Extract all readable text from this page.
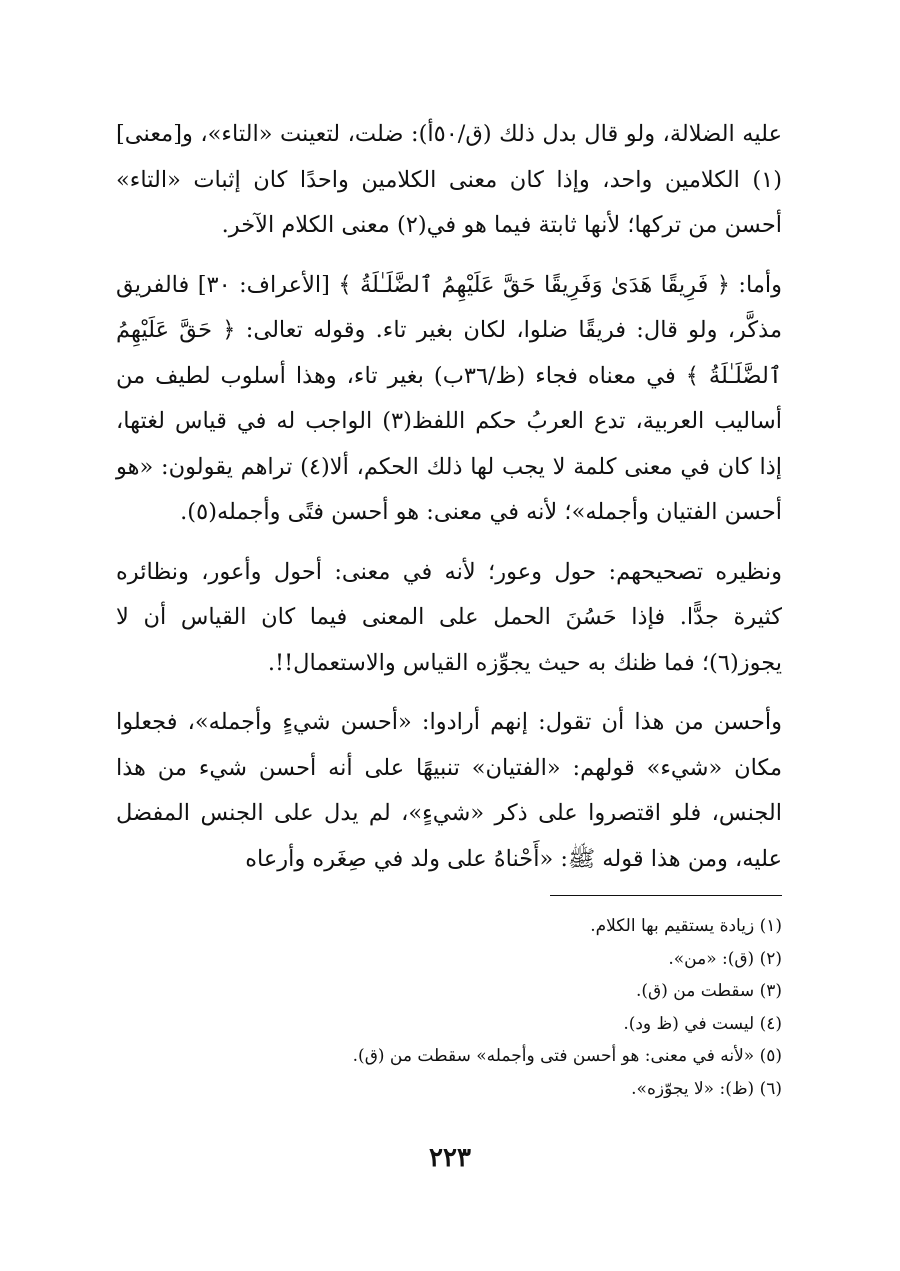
عليه الضلالة، ولو قال بدل ذلك (ق/٥٠أ): ضلت، لتعينت «التاء»، و[معنى](١) الكلامين واحد، وإذا كان معنى الكلامين واحدًا كان إثبات «التاء» أحسن من تركها؛ لأنها ثابتة فيما هو في(٢) معنى الكلام الآخر.

وأما: ﴿ فَرِيقًا هَدَىٰ وَفَرِيقًا حَقَّ عَلَيْهِمُ ٱلضَّلَـٰلَةُ ﴾ [الأعراف: ٣٠] فالفريق مذكَّر، ولو قال: فريقًا ضلوا، لكان بغير تاء. وقوله تعالى: ﴿ حَقَّ عَلَيْهِمُ ٱلضَّلَـٰلَةُ ﴾ في معناه فجاء (ظ/٣٦ب) بغير تاء، وهذا أسلوب لطيف من أساليب العربية، تدع العربُ حكم اللفظ(٣) الواجب له في قياس لغتها، إذا كان في معنى كلمة لا يجب لها ذلك الحكم، ألا(٤) تراهم يقولون: «هو أحسن الفتيان وأجمله»؛ لأنه في معنى: هو أحسن فتًى وأجمله(٥).

ونظيره تصحيحهم: حول وعور؛ لأنه في معنى: أحول وأعور، ونظائره كثيرة جدًّا. فإذا حَسُنَ الحمل على المعنى فيما كان القياس أن لا يجوز(٦)؛ فما ظنك به حيث يجوِّزه القياس والاستعمال!!.

وأحسن من هذا أن تقول: إنهم أرادوا: «أحسن شيءٍ وأجمله»، فجعلوا مكان «شيء» قولهم: «الفتيان» تنبيهًا على أنه أحسن شيء من هذا الجنس، فلو اقتصروا على ذكر «شيءٍ»، لم يدل على الجنس المفضل عليه، ومن هذا قوله ﷺ: «أَحْناهُ على ولد في صِغَره وأرعاه

(١) زيادة يستقيم بها الكلام.
(٢) (ق): «من».
(٣) سقطت من (ق).
(٤) ليست في (ظ ود).
(٥) «لأنه في معنى: هو أحسن فتى وأجمله» سقطت من (ق).
(٦) (ظ): «لا يجوّزه».
٢٢٣
